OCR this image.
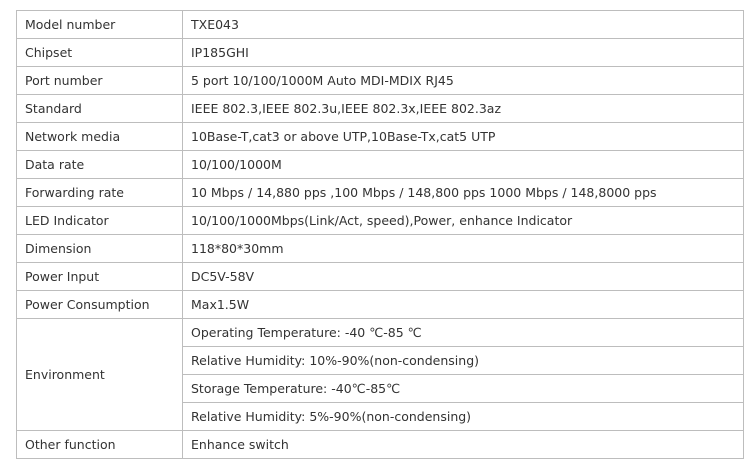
Model number	TXE043
Chipset	IP185GHI
Port number	5 port 10/100/1000M Auto MDI-MDIX RJ45
Standard	IEEE 802.3,IEEE 802.3u,IEEE 802.3x,IEEE 802.3az
Network media	10Base-T,cat3 or above UTP,10Base-Tx,cat5 UTP
Data rate	10/100/1000M
Forwarding rate	10 Mbps / 14,880 pps ,100 Mbps / 148,800 pps 1000 Mbps / 148,8000 pps
LED Indicator	10/100/1000Mbps(Link/Act, speed),Power, enhance Indicator
Dimension	118*80*30mm
Power Input	DC5V-58V
Power Consumption	Max1.5W
Environment	Operating Temperature: -40 ℃-85 ℃
	Relative Humidity: 10%-90%(non-condensing)
	Storage Temperature: -40℃-85℃
	Relative Humidity: 5%-90%(non-condensing)
Other function	Enhance switch
